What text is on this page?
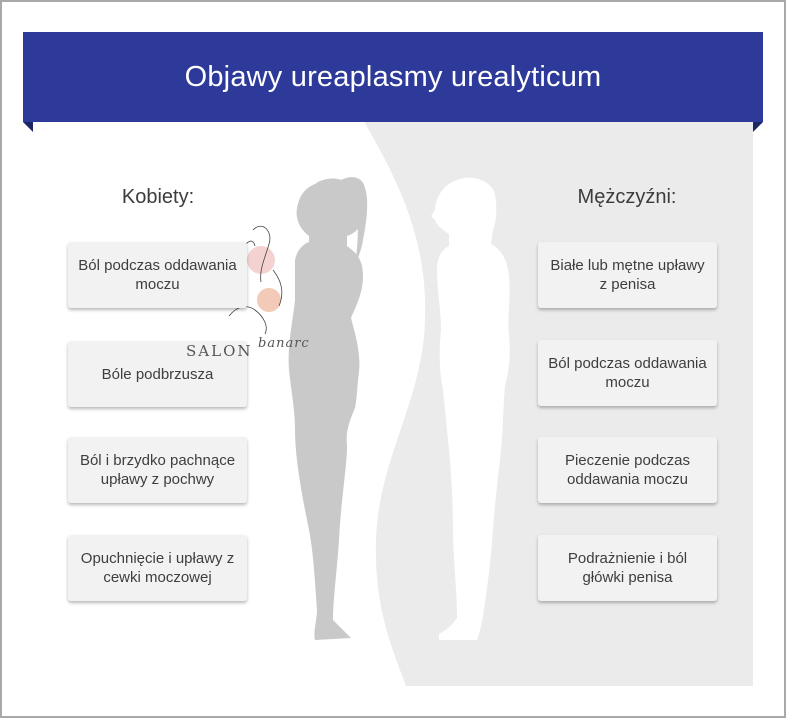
Objawy ureaplasmy urealyticum
Kobiety:	Mężczyźni:
Ból podczas oddawania moczu
Bóle podbrzusza
Ból i brzydko pachnące upławy z pochwy
Opuchnięcie i upławy z cewki moczowej
Białe lub mętne upławy z penisa
Ból podczas oddawania moczu
Pieczenie podczas oddawania moczu
Podrażnienie i ból główki penisa
SALON banarc
